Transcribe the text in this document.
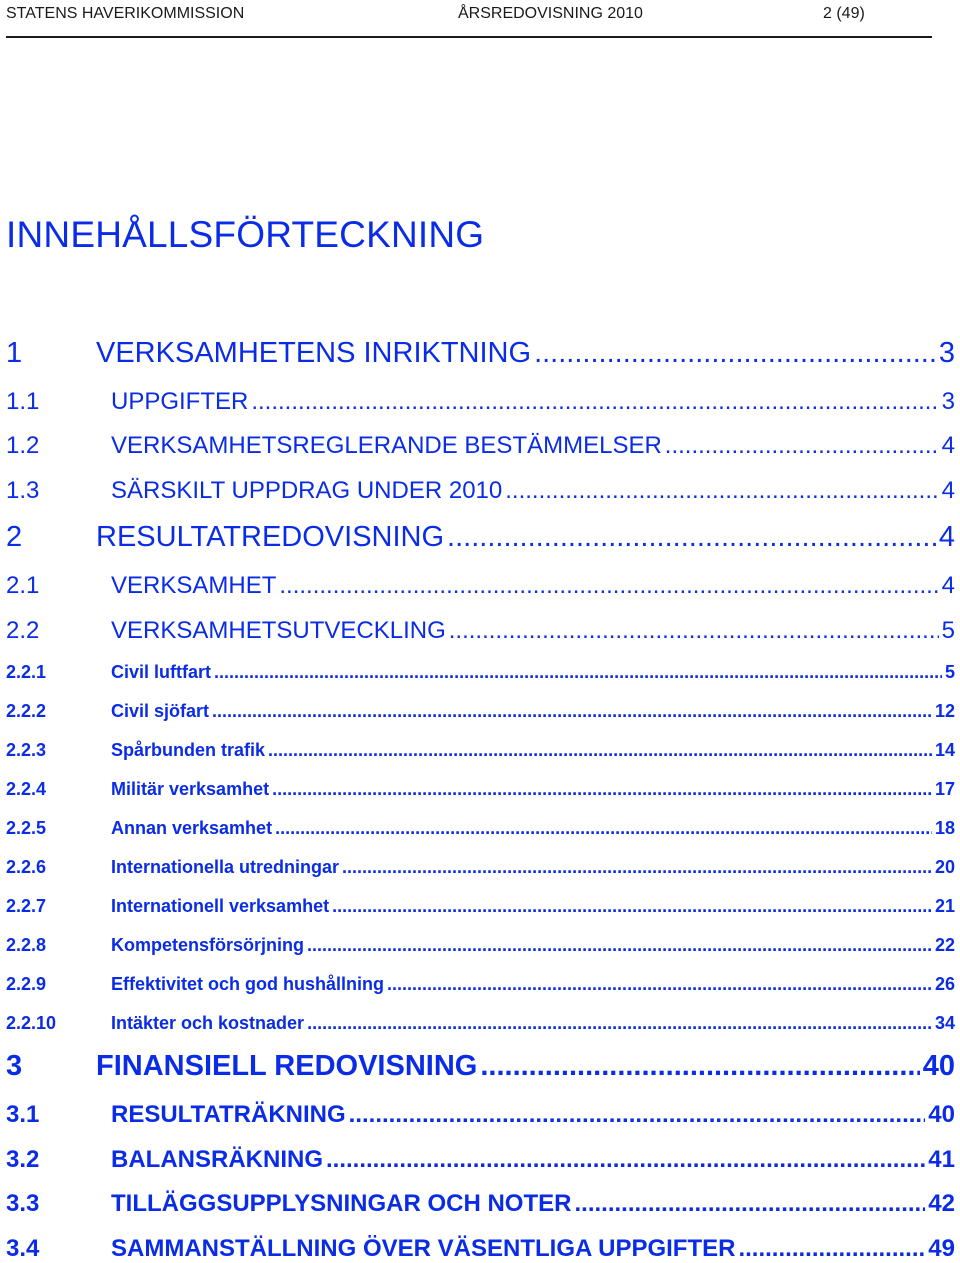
STATENS HAVERIKOMMISSION	ÅRSREDOVISNING 2010	2 (49)
INNEHÅLLSFÖRTECKNING
1	VERKSAMHETENS INRIKTNING .....	3
1.1	UPPGIFTER .....	3
1.2	VERKSAMHETSREGLERANDE BESTÄMMELSER .....	4
1.3	SÄRSKILT UPPDRAG UNDER 2010 .....	4
2	RESULTATREDOVISNING .....	4
2.1	VERKSAMHET .....	4
2.2	VERKSAMHETSUTVECKLING .....	5
2.2.1	Civil luftfart .....	5
2.2.2	Civil sjöfart .....	12
2.2.3	Spårbunden trafik .....	14
2.2.4	Militär verksamhet .....	17
2.2.5	Annan verksamhet .....	18
2.2.6	Internationella utredningar .....	20
2.2.7	Internationell verksamhet .....	21
2.2.8	Kompetensförsörjning .....	22
2.2.9	Effektivitet och god hushållning .....	26
2.2.10	Intäkter och kostnader .....	34
3	FINANSIELL REDOVISNING .....	40
3.1	RESULTATRÄKNING .....	40
3.2	BALANSRÄKNING .....	41
3.3	TILLÄGGSUPPLYSNINGAR OCH NOTER .....	42
3.4	SAMMANSTÄLLNING ÖVER VÄSENTLIGA UPPGIFTER .....	49
